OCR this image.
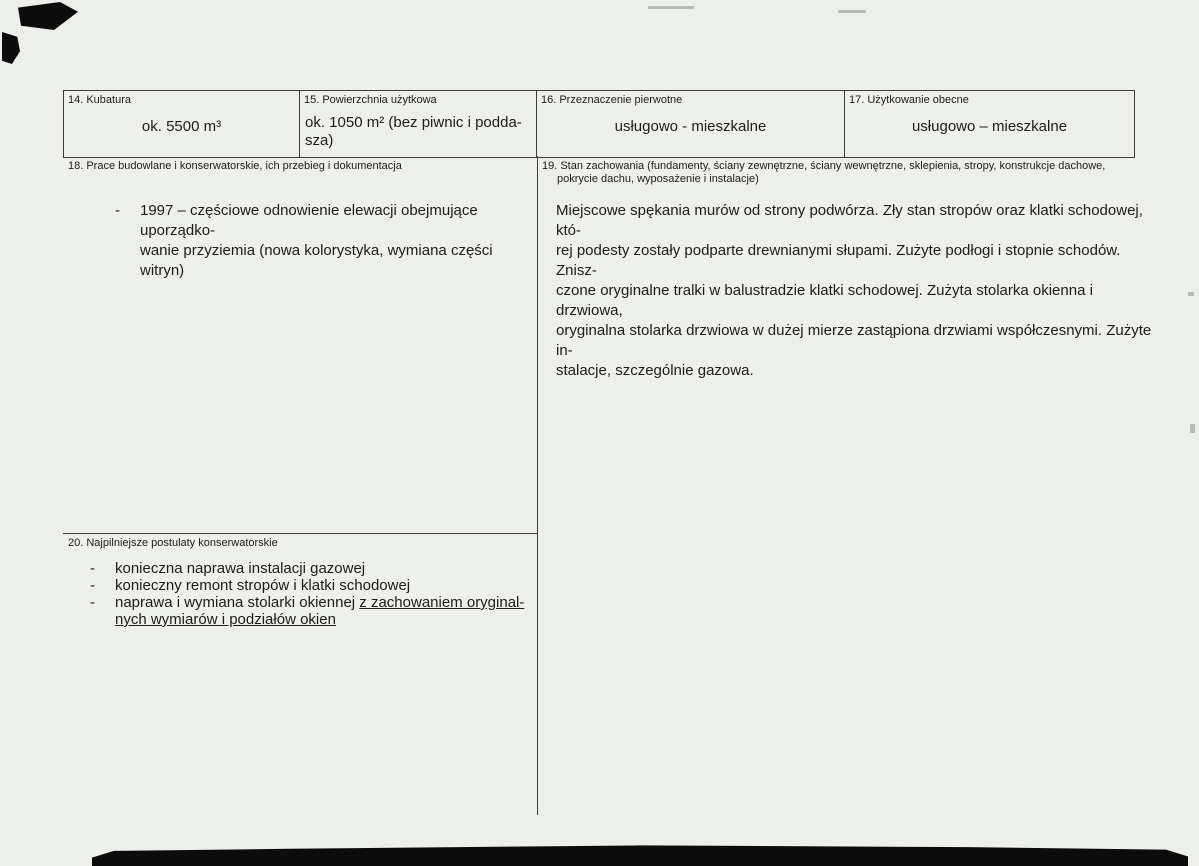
14. Kubatura
ok. 5500 m³
15. Powierzchnia użytkowa
ok. 1050 m² (bez piwnic i podda-
sza)
16. Przeznaczenie pierwotne
usługowo - mieszkalne
17. Użytkowanie obecne
usługowo – mieszkalne
18. Prace budowlane i konserwatorskie, ich przebieg i dokumentacja
-	1997 – częściowe odnowienie elewacji obejmujące uporządko-
wanie przyziemia (nowa kolorystyka, wymiana części witryn)
19. Stan zachowania (fundamenty, ściany zewnętrzne, ściany wewnętrzne, sklepienia, stropy, konstrukcje dachowe,
pokrycie dachu, wyposażenie i instalacje)
Miejscowe spękania murów od strony podwórza. Zły stan stropów oraz klatki schodowej, któ-
rej podesty zostały podparte drewnianymi słupami. Zużyte podłogi i stopnie schodów. Znisz-
czone oryginalne tralki w balustradzie klatki schodowej. Zużyta stolarka okienna i drzwiowa,
oryginalna stolarka drzwiowa w dużej mierze zastąpiona drzwiami współczesnymi. Zużyte in-
stalacje, szczególnie gazowa.
20. Najpilniejsze postulaty konserwatorskie
-	konieczna naprawa instalacji gazowej
-	konieczny remont stropów i klatki schodowej
-	naprawa i wymiana stolarki okiennej z zachowaniem oryginal-
nych wymiarów i podziałów okien
